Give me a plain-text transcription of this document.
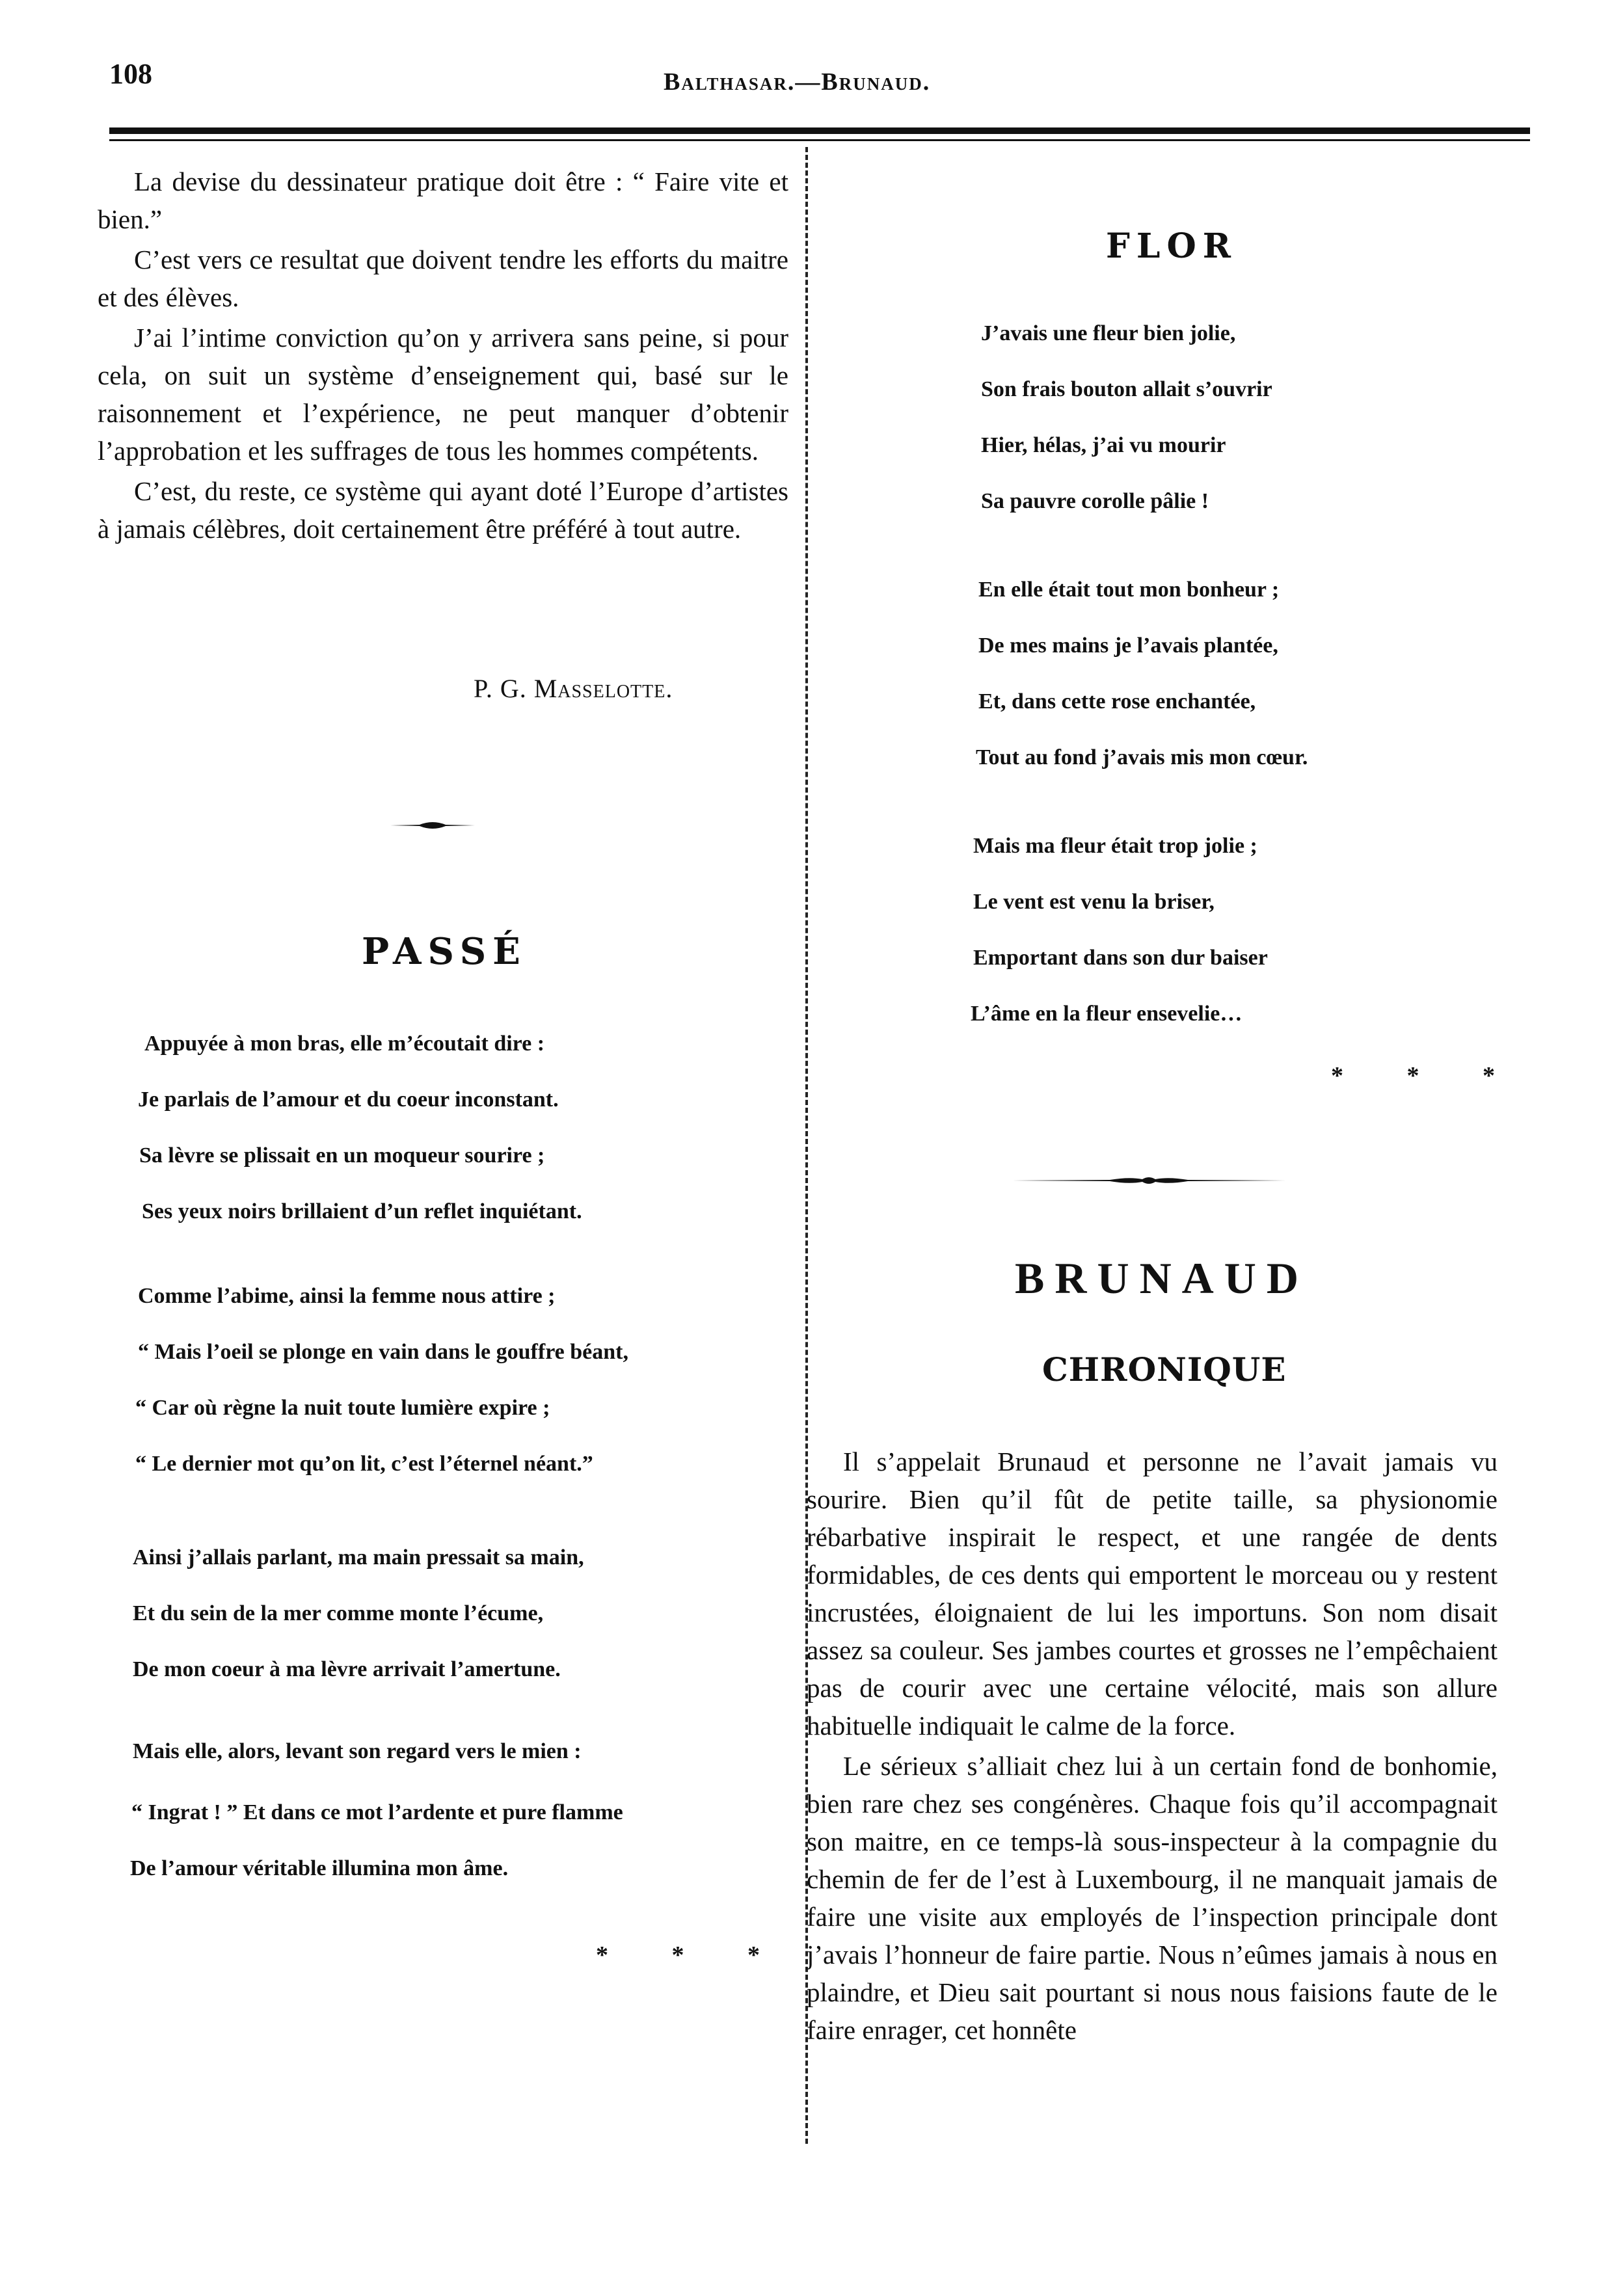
108	Balthasar.—Brunaud.

La devise du dessinateur pratique doit être : “ Faire vite et bien.”

C’est vers ce resultat que doivent tendre les efforts du maitre et des élèves.

J’ai l’intime conviction qu’on y arrivera sans peine, si pour cela, on suit un système d’enseignement qui, basé sur le raisonnement et l’expérience, ne peut manquer d’obtenir l’approbation et les suffrages de tous les hommes compétents.

C’est, du reste, ce système qui ayant doté l’Europe d’artistes à jamais célèbres, doit certainement être préféré à tout autre.

P. G. Masselotte.
PASSÉ
Appuyée à mon bras, elle m’écoutait dire :
Je parlais de l’amour et du coeur inconstant.
Sa lèvre se plissait en un moqueur sourire ;
Ses yeux noirs brillaient d’un reflet inquiétant.
Comme l’abime, ainsi la femme nous attire ;
“ Mais l’oeil se plonge en vain dans le gouffre béant,
“ Car où règne la nuit toute lumière expire ;
“ Le dernier mot qu’on lit, c’est l’éternel néant.”
Ainsi j’allais parlant, ma main pressait sa main,
Et du sein de la mer comme monte l’écume,
De mon coeur à ma lèvre arrivait l’amertune.
Mais elle, alors, levant son regard vers le mien :
“ Ingrat ! ” Et dans ce mot l’ardente et pure flamme
De l’amour véritable illumina mon âme.
* * *
FLOR
J’avais une fleur bien jolie,
Son frais bouton allait s’ouvrir
Hier, hélas, j’ai vu mourir
Sa pauvre corolle pâlie !
En elle était tout mon bonheur ;
De mes mains je l’avais plantée,
Et, dans cette rose enchantée,
Tout au fond j’avais mis mon cœur.
Mais ma fleur était trop jolie ;
Le vent est venu la briser,
Emportant dans son dur baiser
L’âme en la fleur ensevelie…
* * *
BRUNAUD
CHRONIQUE

Il s’appelait Brunaud et personne ne l’avait jamais vu sourire. Bien qu’il fût de petite taille, sa physionomie rébarbative inspirait le respect, et une rangée de dents formidables, de ces dents qui emportent le morceau ou y restent incrustées, éloignaient de lui les importuns. Son nom disait assez sa couleur. Ses jambes courtes et grosses ne l’empêchaient pas de courir avec une certaine vélocité, mais son allure habituelle indiquait le calme de la force.

Le sérieux s’alliait chez lui à un certain fond de bonhomie, bien rare chez ses congénères. Chaque fois qu’il accompagnait son maitre, en ce temps-là sous-inspecteur à la compagnie du chemin de fer de l’est à Luxembourg, il ne manquait jamais de faire une visite aux employés de l’inspection principale dont j’avais l’honneur de faire partie. Nous n’eûmes jamais à nous en plaindre, et Dieu sait pourtant si nous nous faisions faute de le faire enrager, cet honnête
